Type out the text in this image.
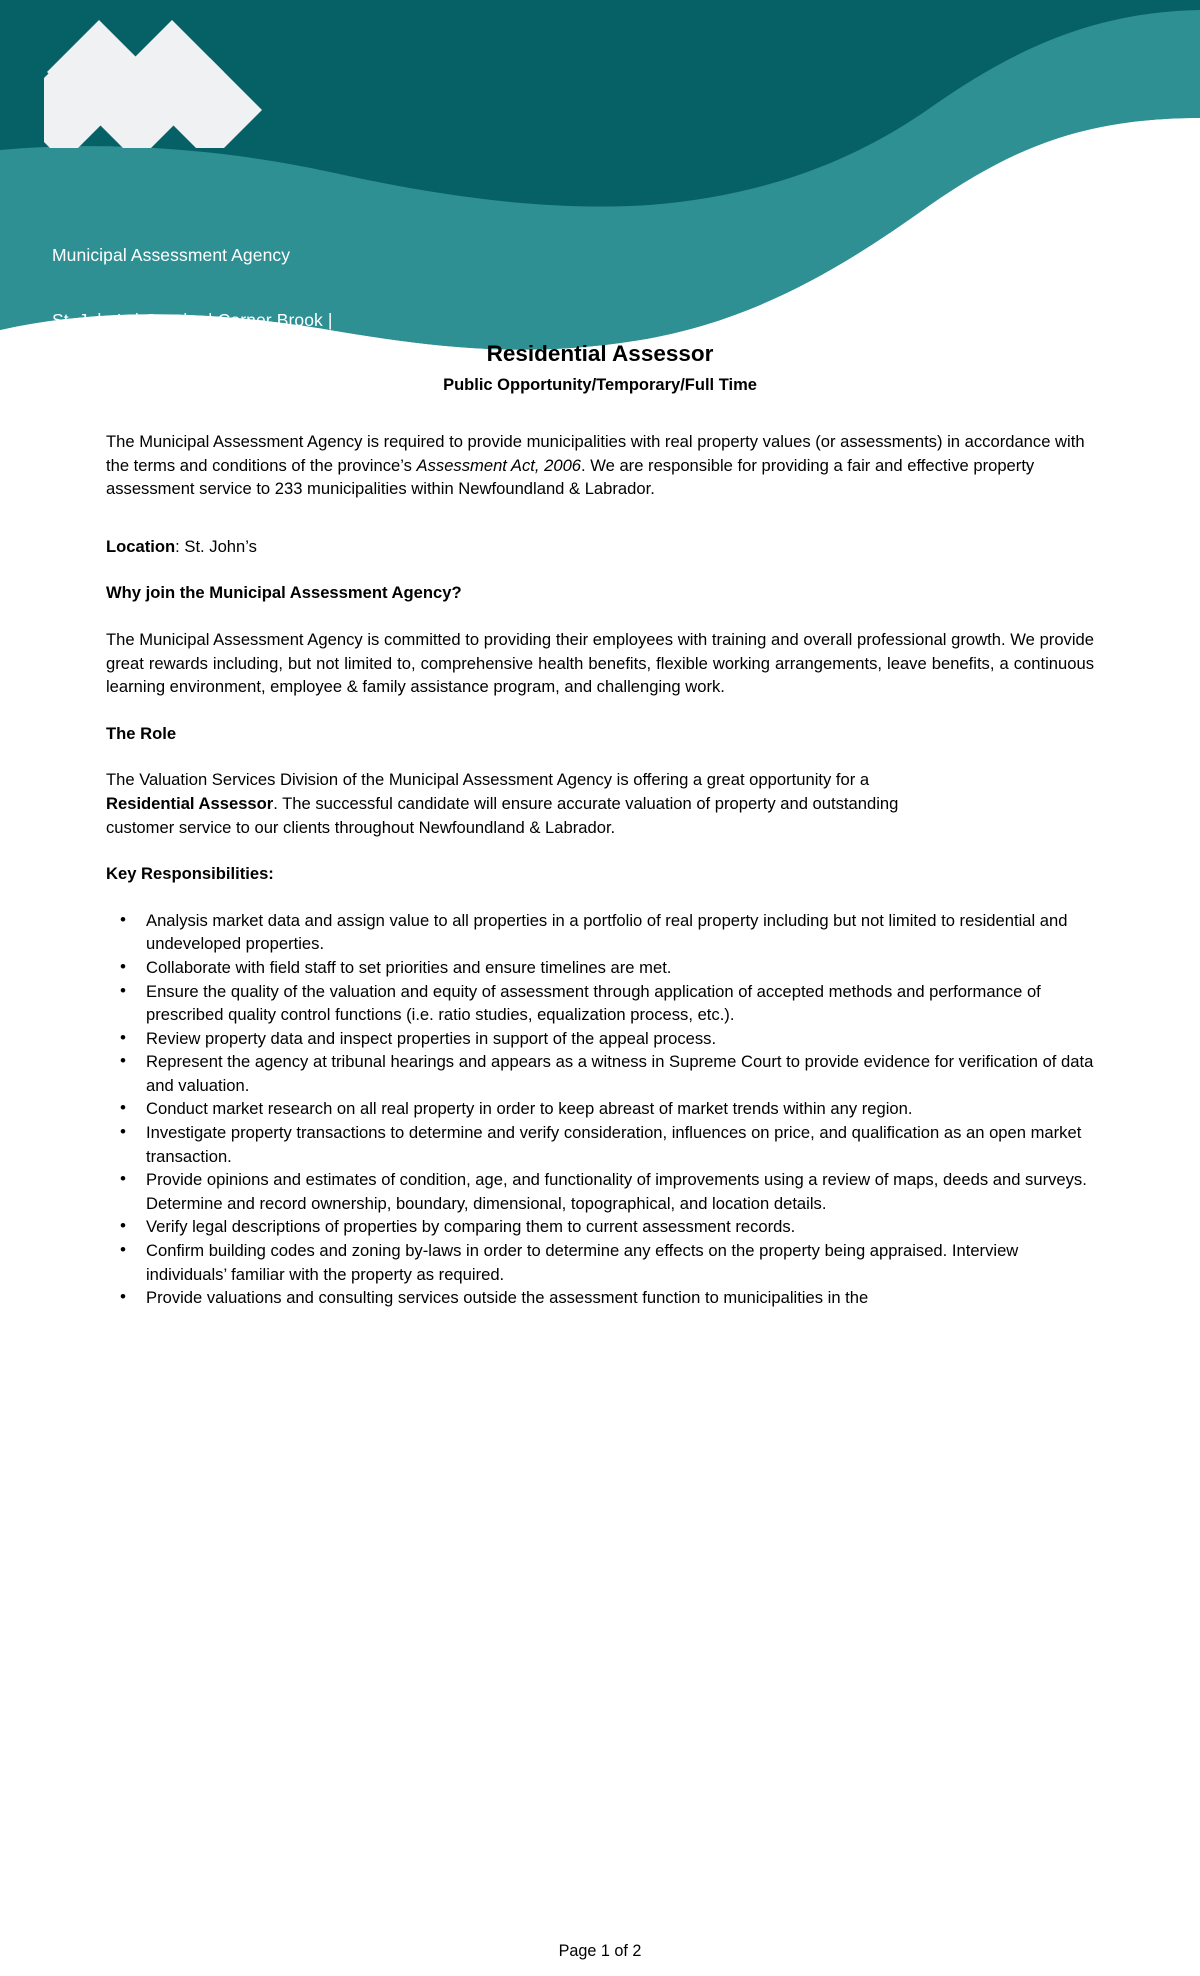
Municipal Assessment Agency

St. John’s | Gander | Corner Brook |

Phone: 1-877-777-2807

www.maa.ca

Residential Assessor
Public Opportunity/Temporary/Full Time

The Municipal Assessment Agency is required to provide municipalities with real property values (or assessments) in accordance with the terms and conditions of the province’s Assessment Act, 2006. We are responsible for providing a fair and effective property assessment service to 233 municipalities within Newfoundland & Labrador.

Location: St. John’s

Why join the Municipal Assessment Agency?

The Municipal Assessment Agency is committed to providing their employees with training and overall professional growth. We provide great rewards including, but not limited to, comprehensive health benefits, flexible working arrangements, leave benefits, a continuous learning environment, employee & family assistance program, and challenging work.

The Role

The Valuation Services Division of the Municipal Assessment Agency is offering a great opportunity for a Residential Assessor. The successful candidate will ensure accurate valuation of property and outstanding customer service to our clients throughout Newfoundland & Labrador.

Key Responsibilities:

• Analysis market data and assign value to all properties in a portfolio of real property including but not limited to residential and undeveloped properties.
• Collaborate with field staff to set priorities and ensure timelines are met.
• Ensure the quality of the valuation and equity of assessment through application of accepted methods and performance of prescribed quality control functions (i.e. ratio studies, equalization process, etc.).
• Review property data and inspect properties in support of the appeal process.
• Represent the agency at tribunal hearings and appears as a witness in Supreme Court to provide evidence for verification of data and valuation.
• Conduct market research on all real property in order to keep abreast of market trends within any region.
• Investigate property transactions to determine and verify consideration, influences on price, and qualification as an open market transaction.
• Provide opinions and estimates of condition, age, and functionality of improvements using a review of maps, deeds and surveys. Determine and record ownership, boundary, dimensional, topographical, and location details.
• Verify legal descriptions of properties by comparing them to current assessment records.
• Confirm building codes and zoning by-laws in order to determine any effects on the property being appraised. Interview individuals’ familiar with the property as required.
• Provide valuations and consulting services outside the assessment function to municipalities in the
Page 1 of 2
